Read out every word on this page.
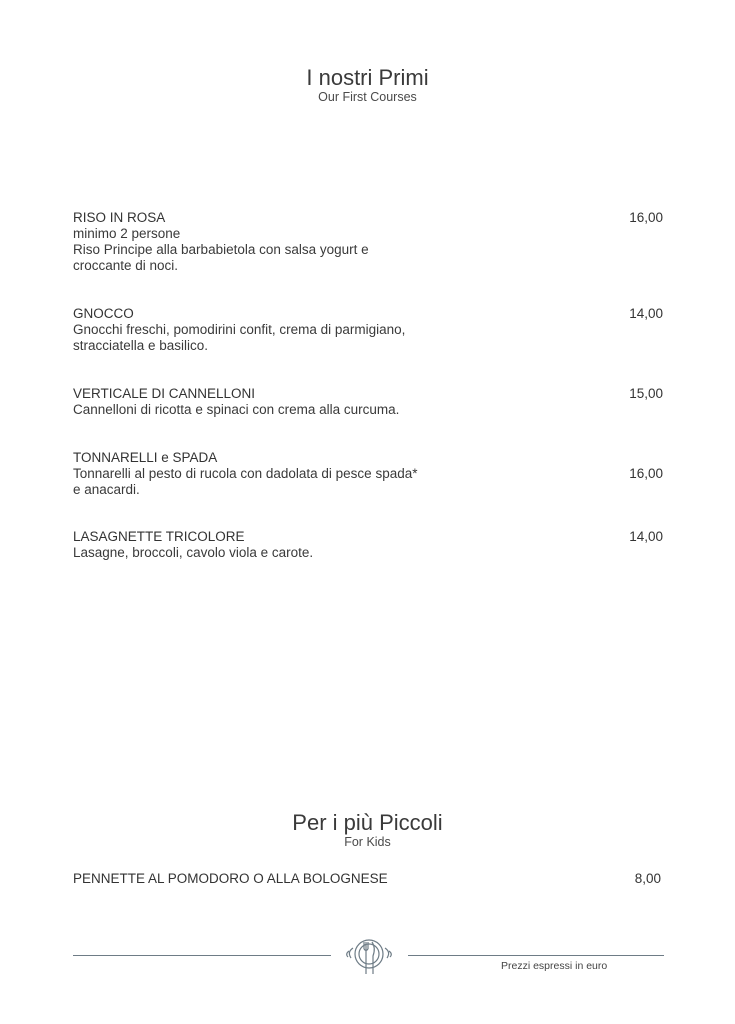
I nostri Primi
Our First Courses
RISO IN ROSA
minimo 2 persone
Riso Principe alla barbabietola con salsa yogurt e
croccante di noci.
16,00
GNOCCO
Gnocchi freschi, pomodirini confit, crema di parmigiano,
stracciatella e basilico.
14,00
VERTICALE DI CANNELLONI
Cannelloni di ricotta e spinaci con crema alla curcuma.
15,00
TONNARELLI e SPADA
Tonnarelli al pesto di rucola con dadolata di pesce spada*
e anacardi.
16,00
LASAGNETTE TRICOLORE
Lasagne, broccoli, cavolo viola e carote.
14,00
Per i più Piccoli
For Kids
PENNETTE AL POMODORO O ALLA BOLOGNESE	8,00
Prezzi espressi in euro
